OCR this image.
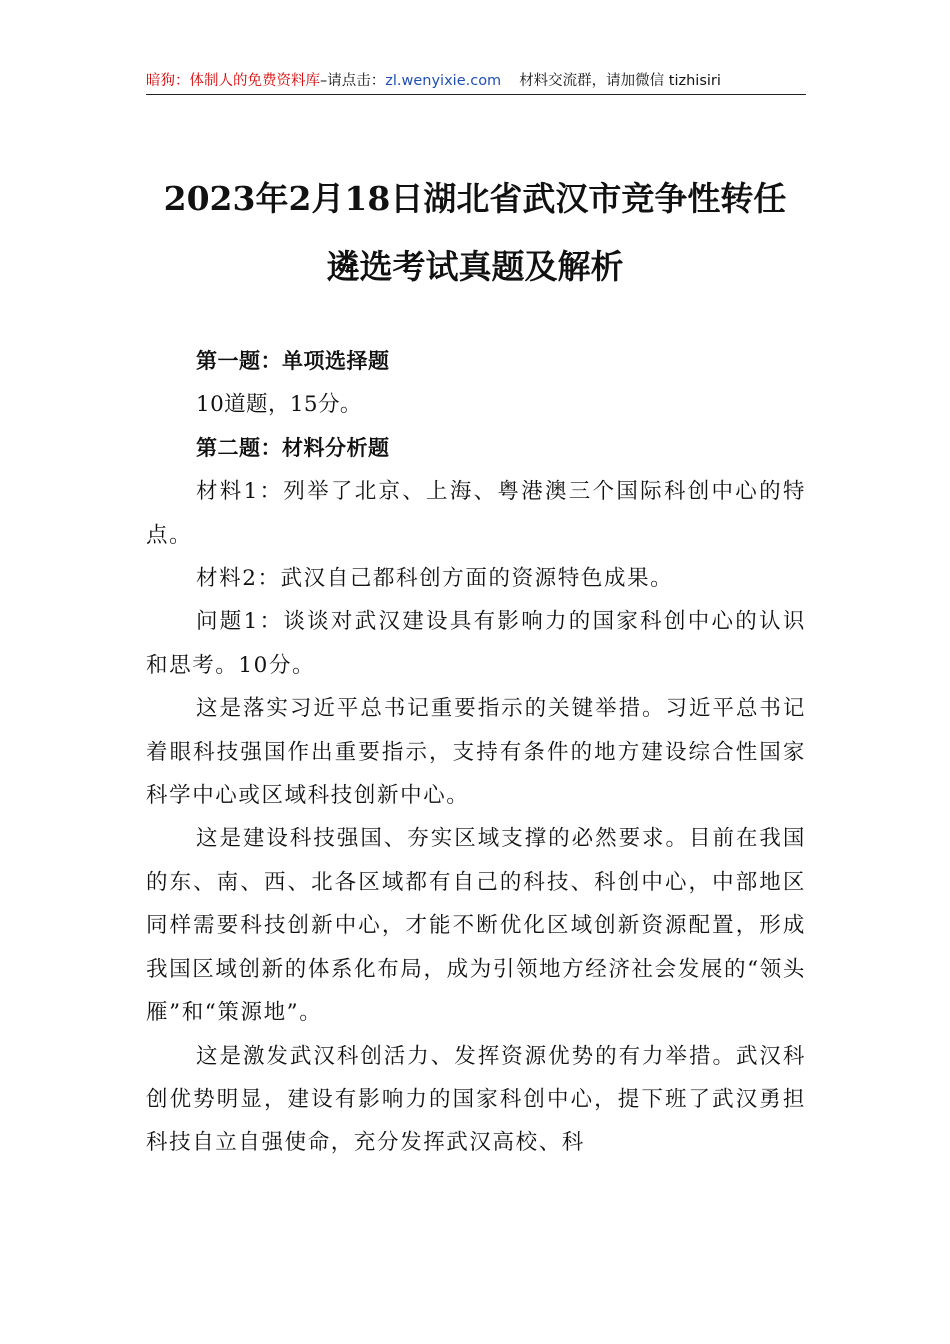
暗狗：体制人的免费资料库–请点击：zl.wenyixie.com 材料交流群，请加微信 tizhisiri
2023年2月18日湖北省武汉市竞争性转任
遴选考试真题及解析

第一题：单项选择题

10道题，15分。

第二题：材料分析题

材料1：列举了北京、上海、粤港澳三个国际科创中心的特点。

材料2：武汉自己都科创方面的资源特色成果。

问题1：谈谈对武汉建设具有影响力的国家科创中心的认识和思考。10分。

这是落实习近平总书记重要指示的关键举措。习近平总书记着眼科技强国作出重要指示，支持有条件的地方建设综合性国家科学中心或区域科技创新中心。

这是建设科技强国、夯实区域支撑的必然要求。目前在我国的东、南、西、北各区域都有自己的科技、科创中心，中部地区同样需要科技创新中心，才能不断优化区域创新资源配置，形成我国区域创新的体系化布局，成为引领地方经济社会发展的“领头雁”和“策源地”。

这是激发武汉科创活力、发挥资源优势的有力举措。武汉科创优势明显，建设有影响力的国家科创中心，提下班了武汉勇担科技自立自强使命，充分发挥武汉高校、科
